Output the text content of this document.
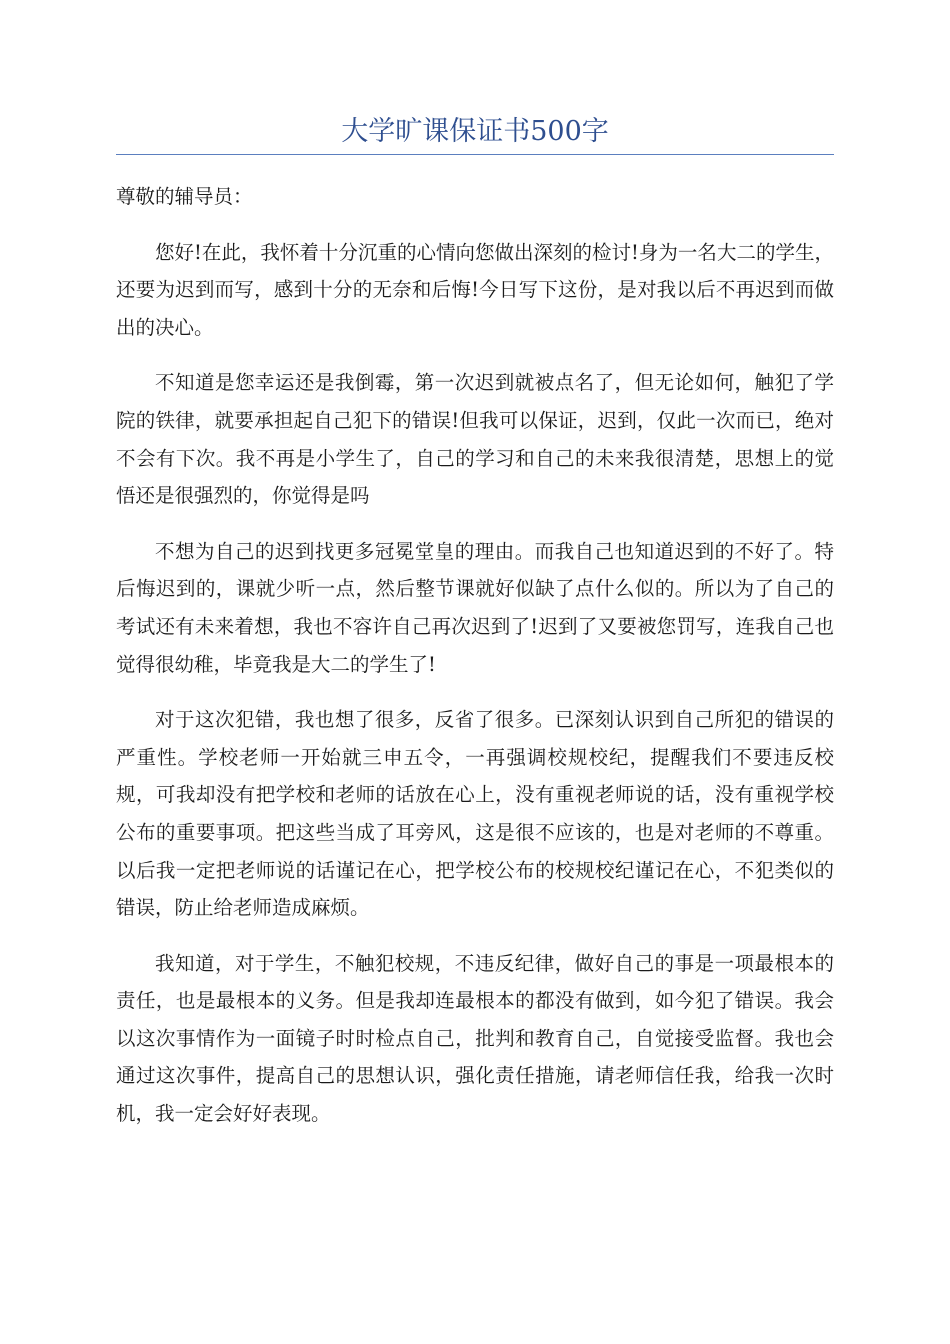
大学旷课保证书500字

尊敬的辅导员：

您好!在此，我怀着十分沉重的心情向您做出深刻的检讨!身为一名大二的学生，还要为迟到而写，感到十分的无奈和后悔!今日写下这份，是对我以后不再迟到而做出的决心。

不知道是您幸运还是我倒霉，第一次迟到就被点名了，但无论如何，触犯了学院的铁律，就要承担起自己犯下的错误!但我可以保证，迟到，仅此一次而已，绝对不会有下次。我不再是小学生了，自己的学习和自己的未来我很清楚，思想上的觉悟还是很强烈的，你觉得是吗

不想为自己的迟到找更多冠冕堂皇的理由。而我自己也知道迟到的不好了。特后悔迟到的，课就少听一点，然后整节课就好似缺了点什么似的。所以为了自己的考试还有未来着想，我也不容许自己再次迟到了!迟到了又要被您罚写，连我自己也觉得很幼稚，毕竟我是大二的学生了!

对于这次犯错，我也想了很多，反省了很多。已深刻认识到自己所犯的错误的严重性。学校老师一开始就三申五令，一再强调校规校纪，提醒我们不要违反校规，可我却没有把学校和老师的话放在心上，没有重视老师说的话，没有重视学校公布的重要事项。把这些当成了耳旁风，这是很不应该的，也是对老师的不尊重。以后我一定把老师说的话谨记在心，把学校公布的校规校纪谨记在心，不犯类似的错误，防止给老师造成麻烦。

我知道，对于学生，不触犯校规，不违反纪律，做好自己的事是一项最根本的责任，也是最根本的义务。但是我却连最根本的都没有做到，如今犯了错误。我会以这次事情作为一面镜子时时检点自己，批判和教育自己，自觉接受监督。我也会通过这次事件，提高自己的思想认识，强化责任措施，请老师信任我，给我一次时机，我一定会好好表现。
